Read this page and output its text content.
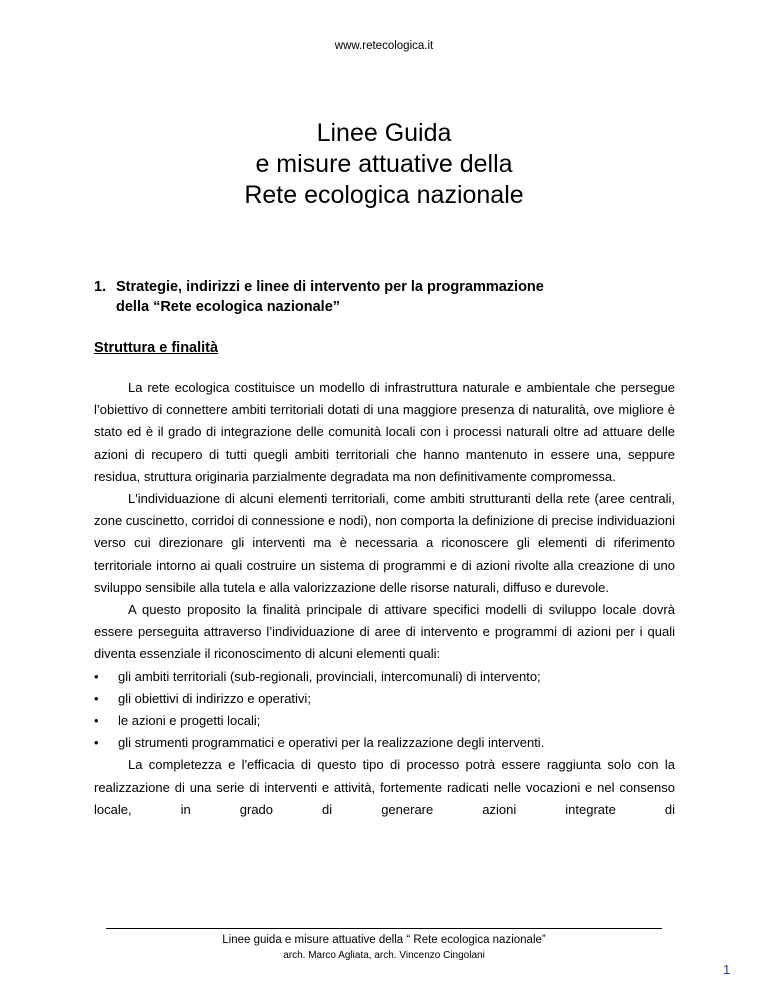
www.retecologica.it
Linee Guida
e misure attuative della
Rete ecologica nazionale
1. Strategie, indirizzi e linee di intervento per la programmazione
della “Rete ecologica nazionale”
Struttura e finalità

La rete ecologica costituisce un modello di infrastruttura naturale e ambientale che persegue l’obiettivo di connettere ambiti territoriali dotati di una maggiore presenza di naturalità, ove migliore è stato ed è il grado di integrazione delle comunità locali con i processi naturali oltre ad attuare delle azioni di recupero di tutti quegli ambiti territoriali che hanno mantenuto in essere una, seppure residua, struttura originaria parzialmente degradata ma non definitivamente compromessa.

L'individuazione di alcuni elementi territoriali, come ambiti strutturanti della rete (aree centrali, zone cuscinetto, corridoi di connessione e nodi), non comporta la definizione di precise individuazioni verso cui direzionare gli interventi ma è necessaria a riconoscere gli elementi di riferimento territoriale intorno ai quali costruire un sistema di programmi e di azioni rivolte alla creazione di uno sviluppo sensibile alla tutela e alla valorizzazione delle risorse naturali, diffuso e durevole.

A questo proposito la finalità principale di attivare specifici modelli di sviluppo locale dovrà essere perseguita attraverso l’individuazione di aree di intervento e programmi di azioni per i quali diventa essenziale il riconoscimento di alcuni elementi quali:

• gli ambiti territoriali (sub-regionali, provinciali, intercomunali) di intervento;
• gli obiettivi di indirizzo e operativi;
• le azioni e progetti locali;
• gli strumenti programmatici e operativi per la realizzazione degli interventi.

La completezza e l'efficacia di questo tipo di processo potrà essere raggiunta solo con la realizzazione di una serie di interventi e attività, fortemente radicati nelle vocazioni e nel consenso locale, in grado di generare azioni integrate di

Linee guida e misure attuative della “ Rete ecologica nazionale”
arch. Marco Agliata, arch. Vincenzo Cingolani
1
